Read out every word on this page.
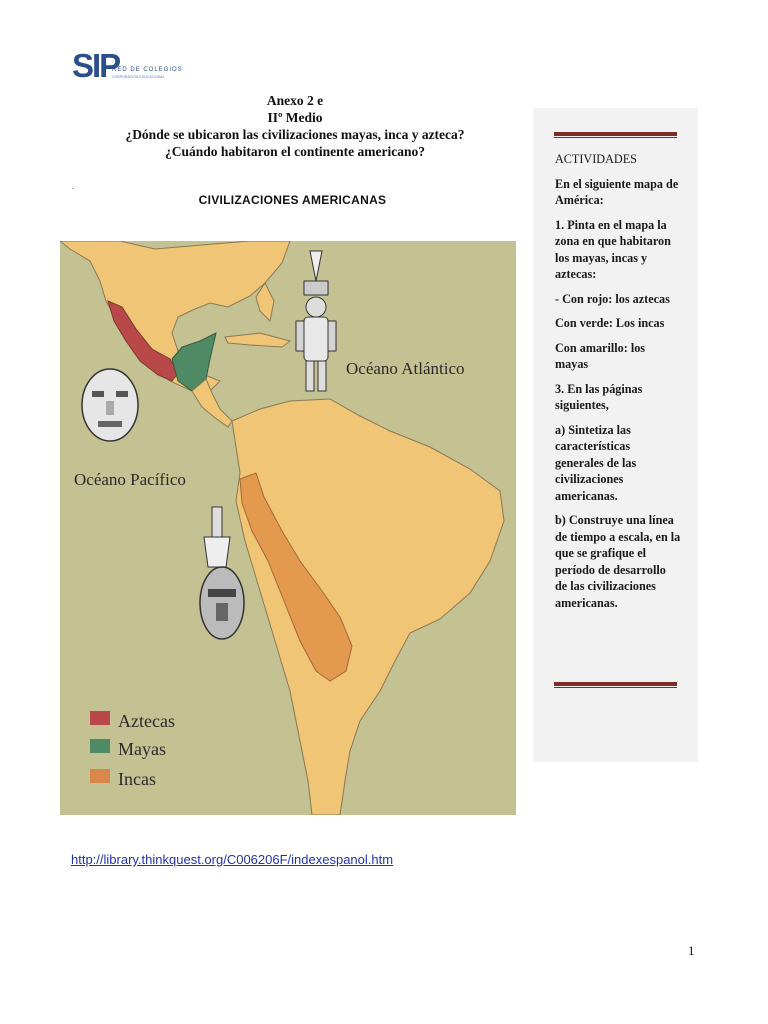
SIP
RED DE COLEGIOS
CORPORACIÓN EDUCACIONAL
Anexo 2 e
IIº Medio
¿Dónde se ubicaron las civilizaciones mayas, inca y azteca?
¿Cuándo habitaron el continente americano?
.
CIVILIZACIONES AMERICANAS
Océano Atlántico
Océano Pacífico
Aztecas
Mayas
Incas

ACTIVIDADES

En el siguiente mapa de América:

1. Pinta en el mapa la zona en que habitaron los mayas, incas y aztecas:

- Con rojo: los aztecas

Con verde: Los incas

Con amarillo: los mayas

3. En las páginas siguientes,

a) Sintetiza las características generales de las civilizaciones americanas.

b) Construye una línea de tiempo a escala, en la que se grafique el período de desarrollo de las civilizaciones americanas.

http://library.thinkquest.org/C006206F/indexespanol.htm
1
